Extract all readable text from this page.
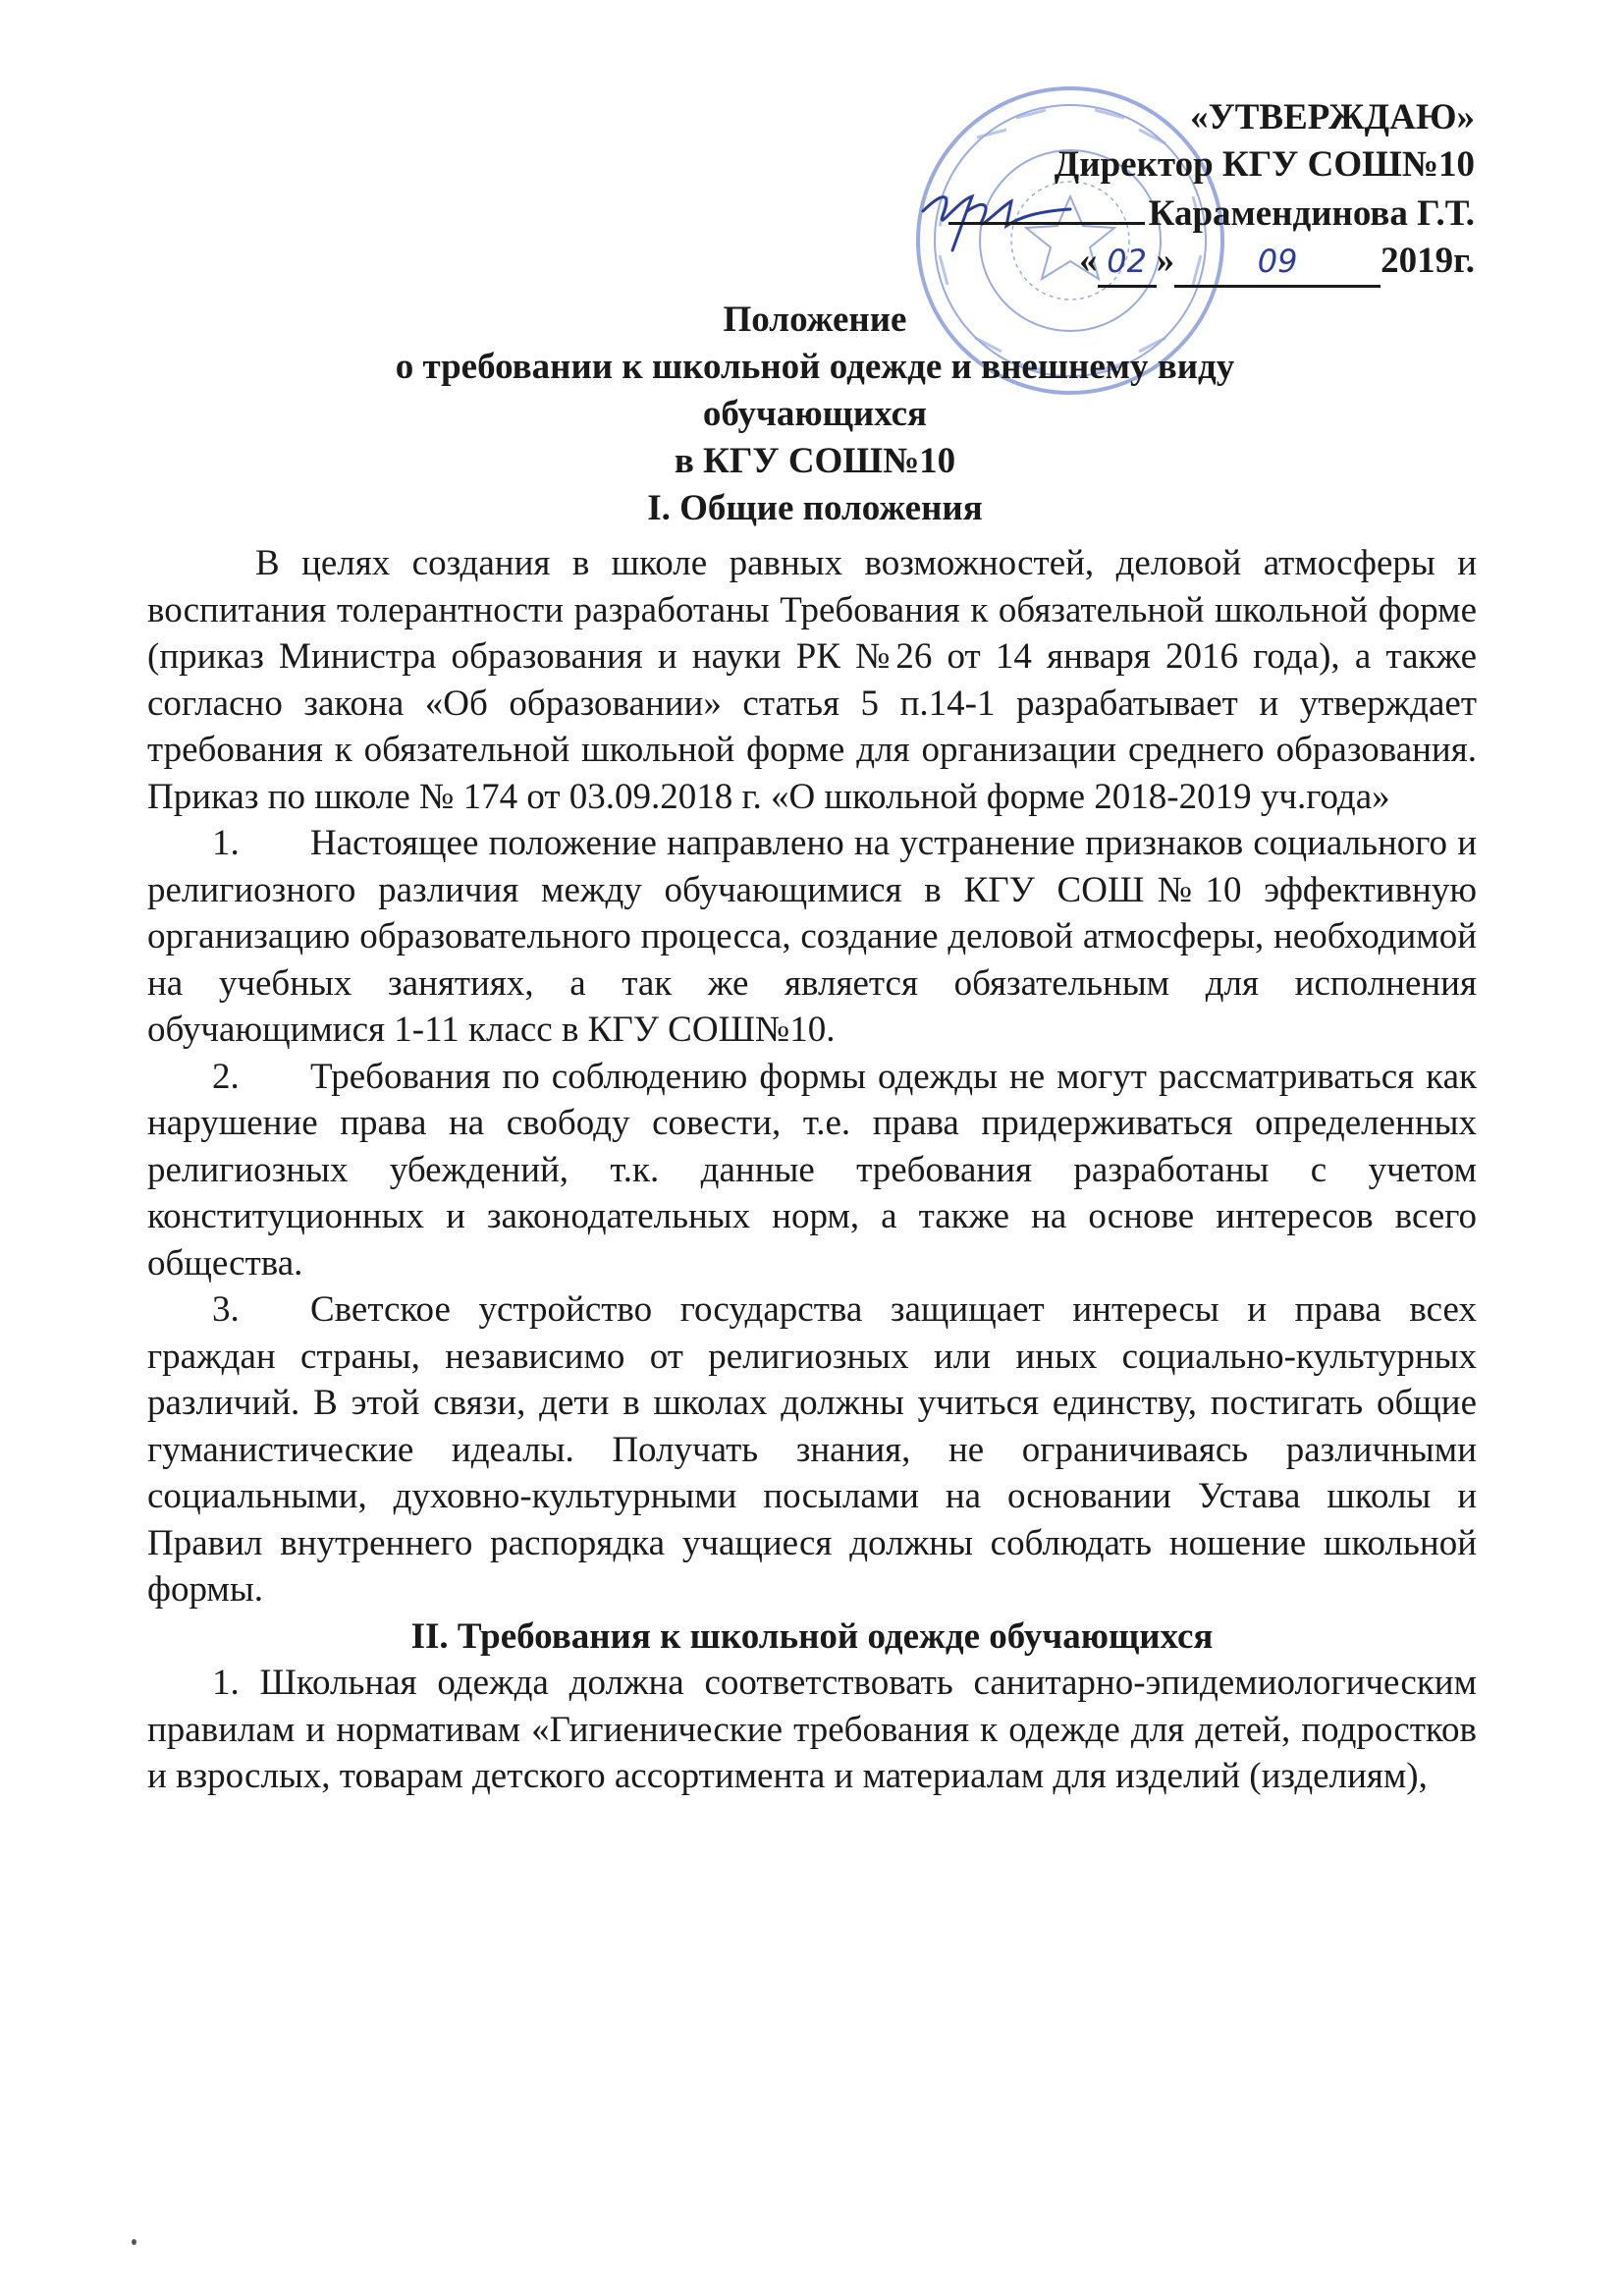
«УТВЕРЖДАЮ»
Директор КГУ СОШ№10
Карамендинова Г.Т.
« 02 »	09 2019г.
Положение
о требовании к школьной одежде и внешнему виду
обучающихся
в КГУ СОШ№10
I. Общие положения

В целях создания в школе равных возможностей, деловой атмосферы и воспитания толерантности разработаны Требования к обязательной школьной форме (приказ Министра образования и науки РК №26 от 14 января 2016 года), а также согласно закона «Об образовании» статья 5 п.14-1 разрабатывает и утверждает требования к обязательной школьной форме для организации среднего образования. Приказ по школе № 174 от 03.09.2018 г. «О школьной форме 2018-2019 уч.года»

1. Настоящее положение направлено на устранение признаков социального и религиозного различия между обучающимися в КГУ СОШ№10 эффективную организацию образовательного процесса, создание деловой атмосферы, необходимой на учебных занятиях, а так же является обязательным для исполнения обучающимися 1-11 класс в КГУ СОШ№10.

2. Требования по соблюдению формы одежды не могут рассматриваться как нарушение права на свободу совести, т.е. права придерживаться определенных религиозных убеждений, т.к. данные требования разработаны с учетом конституционных и законодательных норм, а также на основе интересов всего общества.

3. Светское устройство государства защищает интересы и права всех граждан страны, независимо от религиозных или иных социально-культурных различий. В этой связи, дети в школах должны учиться единству, постигать общие гуманистические идеалы. Получать знания, не ограничиваясь различными социальными, духовно-культурными посылами на основании Устава школы и Правил внутреннего распорядка учащиеся должны соблюдать ношение школьной формы.

II. Требования к школьной одежде обучающихся

1. Школьная одежда должна соответствовать санитарно-эпидемиологическим правилам и нормативам «Гигиенические требования к одежде для детей, подростков и взрослых, товарам детского ассортимента и материалам для изделий (изделиям),
